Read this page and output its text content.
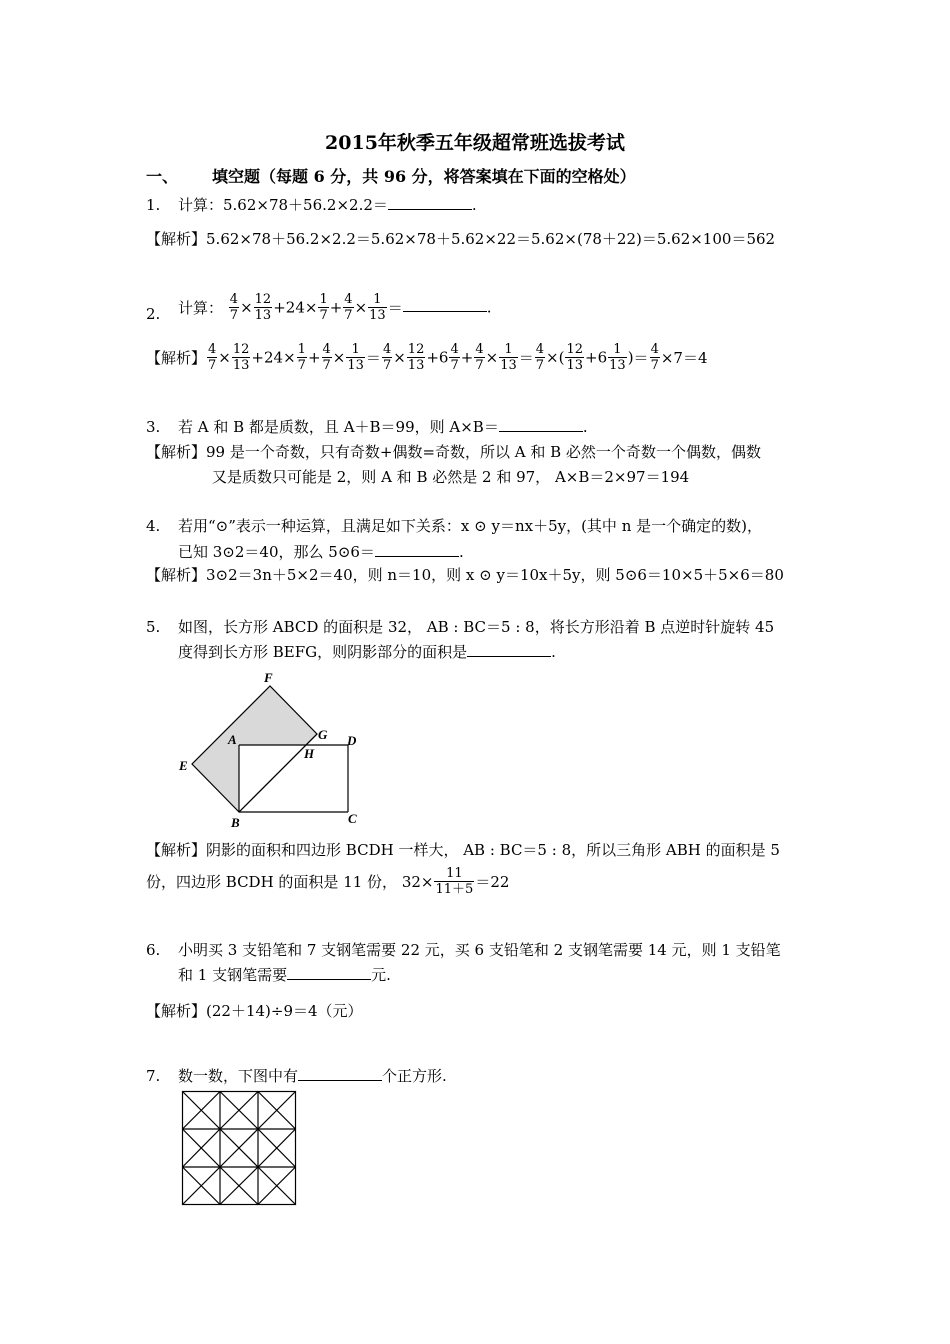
2015年秋季五年级超常班选拔考试
一、 填空题（每题 6 分，共 96 分，将答案填在下面的空格处）
1. 计算：5.62×78＋56.2×2.2＝	.
【解析】5.62×78＋56.2×2.2＝5.62×78＋5.62×22＝5.62×(78＋22)＝5.62×100＝562
2. 计算： $\frac{4}{7} \times \frac{12}{13} +24\times \frac{1}{7} + \frac{4}{7} \times \frac{1}{13}$ ＝	.
【解析】 $\frac{4}{7} \times \frac{12}{13} +24\times \frac{1}{7} + \frac{4}{7} \times \frac{1}{13} = \frac{4}{7} \times \frac{12}{13} +6 \frac{4}{7} + \frac{4}{7} \times \frac{1}{13} = \frac{4}{7}$ ×( $\frac{12}{13} +6 \frac{1}{13}$ )＝ $\frac{4}{7} \times 7=4$
3. 若 A 和 B 都是质数，且 A＋B＝99，则 A×B＝	.
【解析】99 是一个奇数，只有奇数+偶数=奇数，所以 A 和 B 必然一个奇数一个偶数，偶数
又是质数只可能是 2，则 A 和 B 必然是 2 和 97， A×B＝2×97＝194
4. 若用“⊙”表示一种运算，且满足如下关系：x ⊙ y＝nx＋5y，(其中 n 是一个确定的数)，
已知 3⊙2＝40，那么 5⊙6＝	.
【解析】3⊙2＝3n＋5×2＝40，则 n＝10，则 x ⊙ y＝10x＋5y，则 5⊙6＝10×5＋5×6＝80
5. 如图，长方形 ABCD 的面积是 32， AB : BC＝5 : 8，将长方形沿着 B 点逆时针旋转 45
度得到长方形 BEFG，则阴影部分的面积是	.
F
A	G
H
D
E
B	C
【解析】阴影的面积和四边形 BCDH 一样大， AB : BC＝5 : 8，所以三角形 ABH 的面积是 5
份，四边形 BCDH 的面积是 11 份， $32\times \frac{11}{11+5} =22$
6. 小明买 3 支铅笔和 7 支钢笔需要 22 元，买 6 支铅笔和 2 支钢笔需要 14 元，则 1 支铅笔
和 1 支钢笔需要	元.
【解析】(22＋14)÷9＝4（元）
7. 数一数，下图中有	个正方形.
